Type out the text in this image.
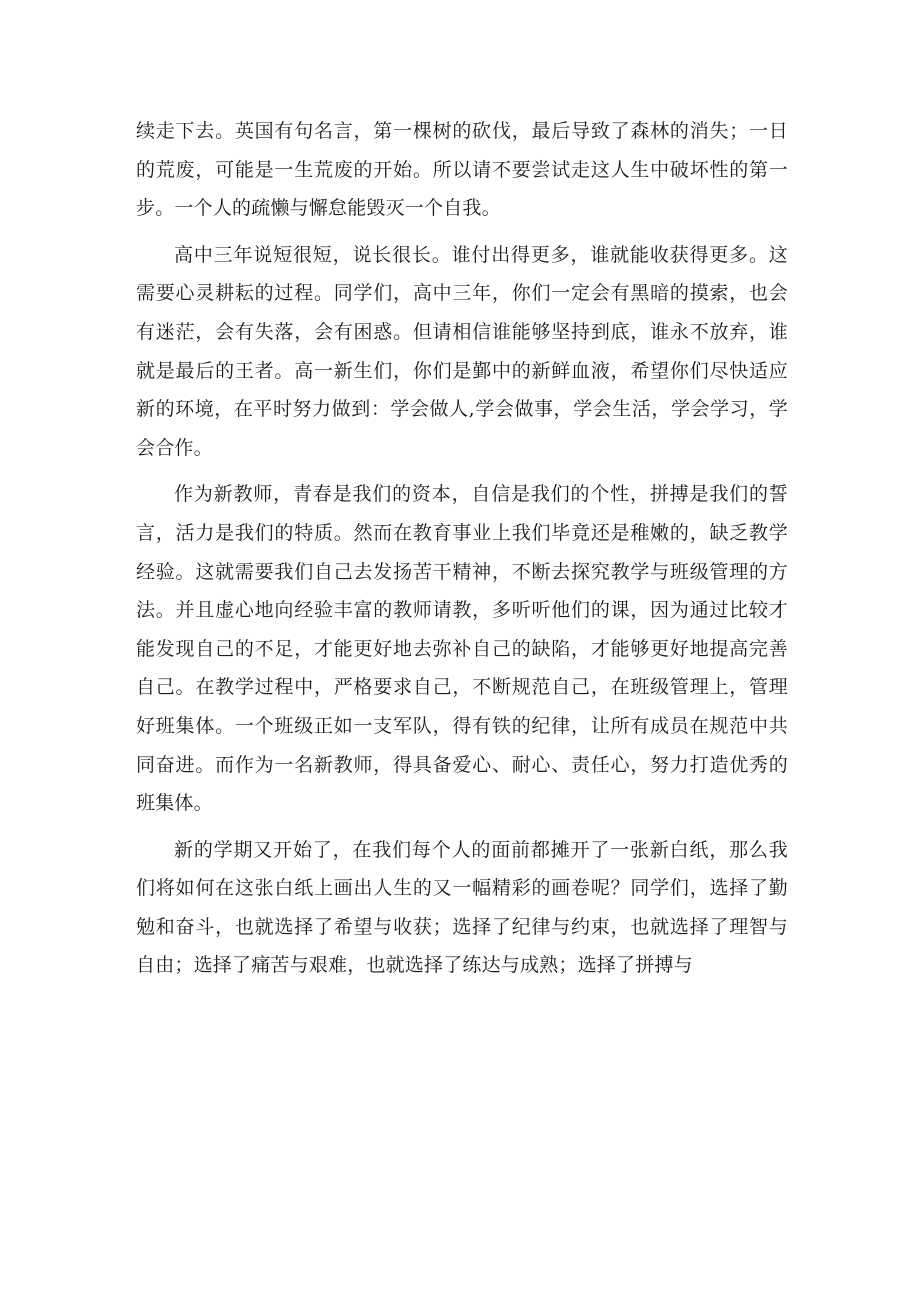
续走下去。英国有句名言，第一棵树的砍伐，最后导致了森林的消失；一日的荒废，可能是一生荒废的开始。所以请不要尝试走这人生中破坏性的第一步。一个人的疏懒与懈怠能毁灭一个自我。

高中三年说短很短，说长很长。谁付出得更多，谁就能收获得更多。这需要心灵耕耘的过程。同学们，高中三年，你们一定会有黑暗的摸索，也会有迷茫，会有失落，会有困惑。但请相信谁能够坚持到底，谁永不放弃，谁就是最后的王者。高一新生们，你们是鄞中的新鲜血液，希望你们尽快适应新的环境，在平时努力做到：学会做人,学会做事，学会生活，学会学习，学会合作。

作为新教师，青春是我们的资本，自信是我们的个性，拼搏是我们的誓言，活力是我们的特质。然而在教育事业上我们毕竟还是稚嫩的，缺乏教学经验。这就需要我们自己去发扬苦干精神，不断去探究教学与班级管理的方法。并且虚心地向经验丰富的教师请教，多听听他们的课，因为通过比较才能发现自己的不足，才能更好地去弥补自己的缺陷，才能够更好地提高完善自己。在教学过程中，严格要求自己，不断规范自己，在班级管理上，管理好班集体。一个班级正如一支军队，得有铁的纪律，让所有成员在规范中共同奋进。而作为一名新教师，得具备爱心、耐心、责任心，努力打造优秀的班集体。

新的学期又开始了，在我们每个人的面前都摊开了一张新白纸，那么我们将如何在这张白纸上画出人生的又一幅精彩的画卷呢？同学们，选择了勤勉和奋斗，也就选择了希望与收获；选择了纪律与约束，也就选择了理智与自由；选择了痛苦与艰难，也就选择了练达与成熟；选择了拼搏与
